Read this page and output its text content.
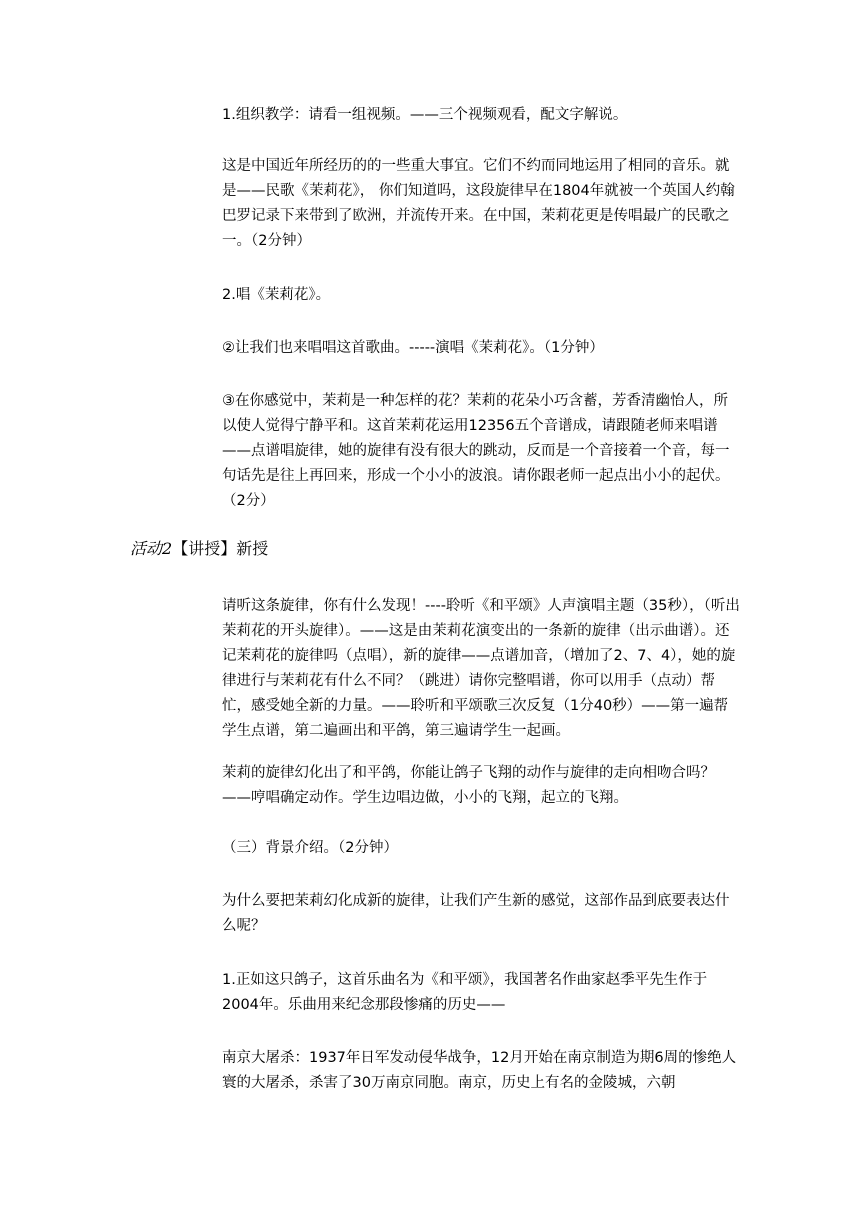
1.组织教学：请看一组视频。——三个视频观看，配文字解说。

这是中国近年所经历的的一些重大事宜。它们不约而同地运用了相同的音乐。就是——民歌《茉莉花》， 你们知道吗，这段旋律早在1804年就被一个英国人约翰巴罗记录下来带到了欧洲，并流传开来。在中国，茉莉花更是传唱最广的民歌之一。（2分钟）

2.唱《茉莉花》。

②让我们也来唱唱这首歌曲。-----演唱《茉莉花》。（1分钟）

③在你感觉中，茉莉是一种怎样的花？茉莉的花朵小巧含蓄，芳香清幽怡人，所以使人觉得宁静平和。这首茉莉花运用12356五个音谱成，请跟随老师来唱谱——点谱唱旋律，她的旋律有没有很大的跳动，反而是一个音接着一个音，每一句话先是往上再回来，形成一个小小的波浪。请你跟老师一起点出小小的起伏。（2分）

活动2【讲授】新授

请听这条旋律，你有什么发现！----聆听《和平颂》人声演唱主题（35秒），（听出茉莉花的开头旋律）。——这是由茉莉花演变出的一条新的旋律（出示曲谱）。还记茉莉花的旋律吗（点唱），新的旋律——点谱加音，（增加了2、7、4），她的旋律进行与茉莉花有什么不同？（跳进）请你完整唱谱，你可以用手（点动）帮忙，感受她全新的力量。——聆听和平颂歌三次反复（1分40秒）——第一遍帮学生点谱，第二遍画出和平鸽，第三遍请学生一起画。

茉莉的旋律幻化出了和平鸽，你能让鸽子飞翔的动作与旋律的走向相吻合吗？——哼唱确定动作。学生边唱边做，小小的飞翔，起立的飞翔。

（三）背景介绍。（2分钟）

为什么要把茉莉幻化成新的旋律，让我们产生新的感觉，这部作品到底要表达什么呢？

1.正如这只鸽子，这首乐曲名为《和平颂》，我国著名作曲家赵季平先生作于2004年。乐曲用来纪念那段惨痛的历史——

南京大屠杀：1937年日军发动侵华战争，12月开始在南京制造为期6周的惨绝人寰的大屠杀，杀害了30万南京同胞。南京，历史上有名的金陵城，六朝
